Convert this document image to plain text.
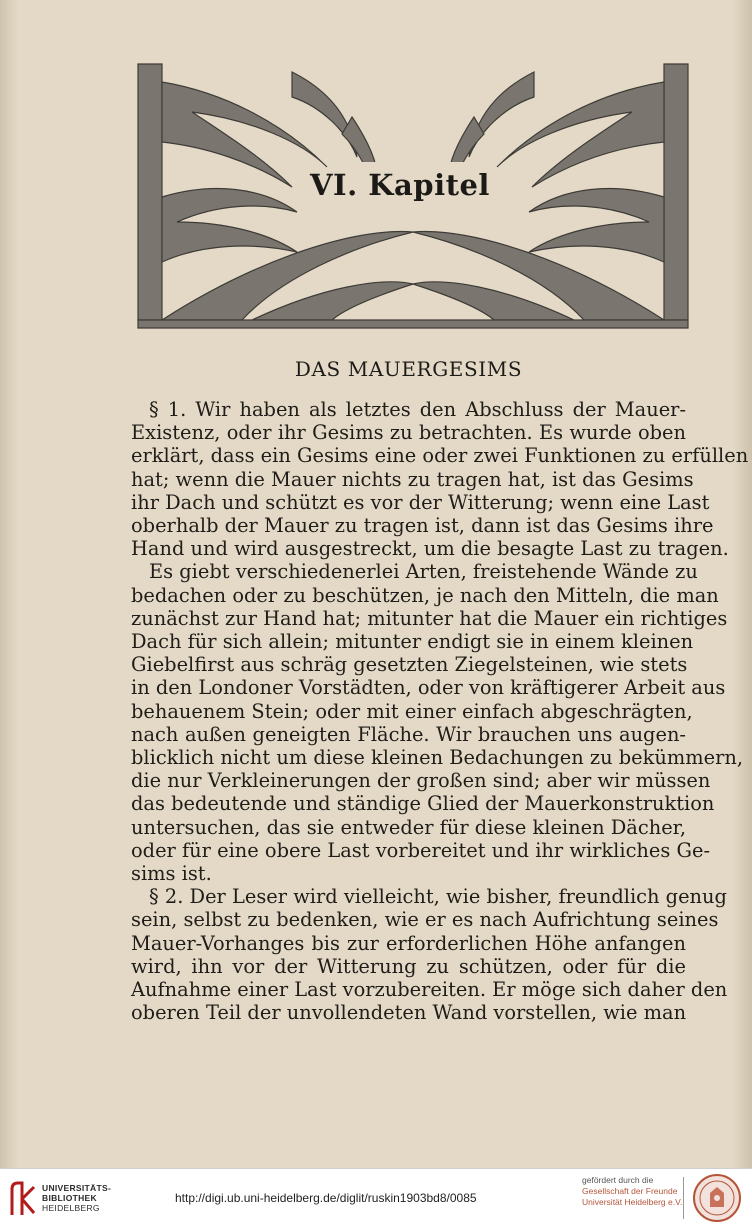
VI. Kapitel
DAS MAUERGESIMS
§ 1. Wir haben als letztes den Abschluss der Mauer-
Existenz, oder ihr Gesims zu betrachten. Es wurde oben
erklärt, dass ein Gesims eine oder zwei Funktionen zu erfüllen
hat; wenn die Mauer nichts zu tragen hat, ist das Gesims
ihr Dach und schützt es vor der Witterung; wenn eine Last
oberhalb der Mauer zu tragen ist, dann ist das Gesims ihre
Hand und wird ausgestreckt, um die besagte Last zu tragen.
Es giebt verschiedenerlei Arten, freistehende Wände zu
bedachen oder zu beschützen, je nach den Mitteln, die man
zunächst zur Hand hat; mitunter hat die Mauer ein richtiges
Dach für sich allein; mitunter endigt sie in einem kleinen
Giebelfirst aus schräg gesetzten Ziegelsteinen, wie stets
in den Londoner Vorstädten, oder von kräftigerer Arbeit aus
behauenem Stein; oder mit einer einfach abgeschrägten,
nach außen geneigten Fläche. Wir brauchen uns augen-
blicklich nicht um diese kleinen Bedachungen zu bekümmern,
die nur Verkleinerungen der großen sind; aber wir müssen
das bedeutende und ständige Glied der Mauerkonstruktion
untersuchen, das sie entweder für diese kleinen Dächer,
oder für eine obere Last vorbereitet und ihr wirkliches Ge-
sims ist.
§ 2. Der Leser wird vielleicht, wie bisher, freundlich genug
sein, selbst zu bedenken, wie er es nach Aufrichtung seines
Mauer-Vorhanges bis zur erforderlichen Höhe anfangen
wird, ihn vor der Witterung zu schützen, oder für die
Aufnahme einer Last vorzubereiten. Er möge sich daher den
oberen Teil der unvollendeten Wand vorstellen, wie man
UNIVERSITÄTS-
BIBLIOTHEK
HEIDELBERG
http://digi.ub.uni-heidelberg.de/diglit/ruskin1903bd8/0085
gefördert durch die
Gesellschaft der Freunde
Universität Heidelberg e.V.
